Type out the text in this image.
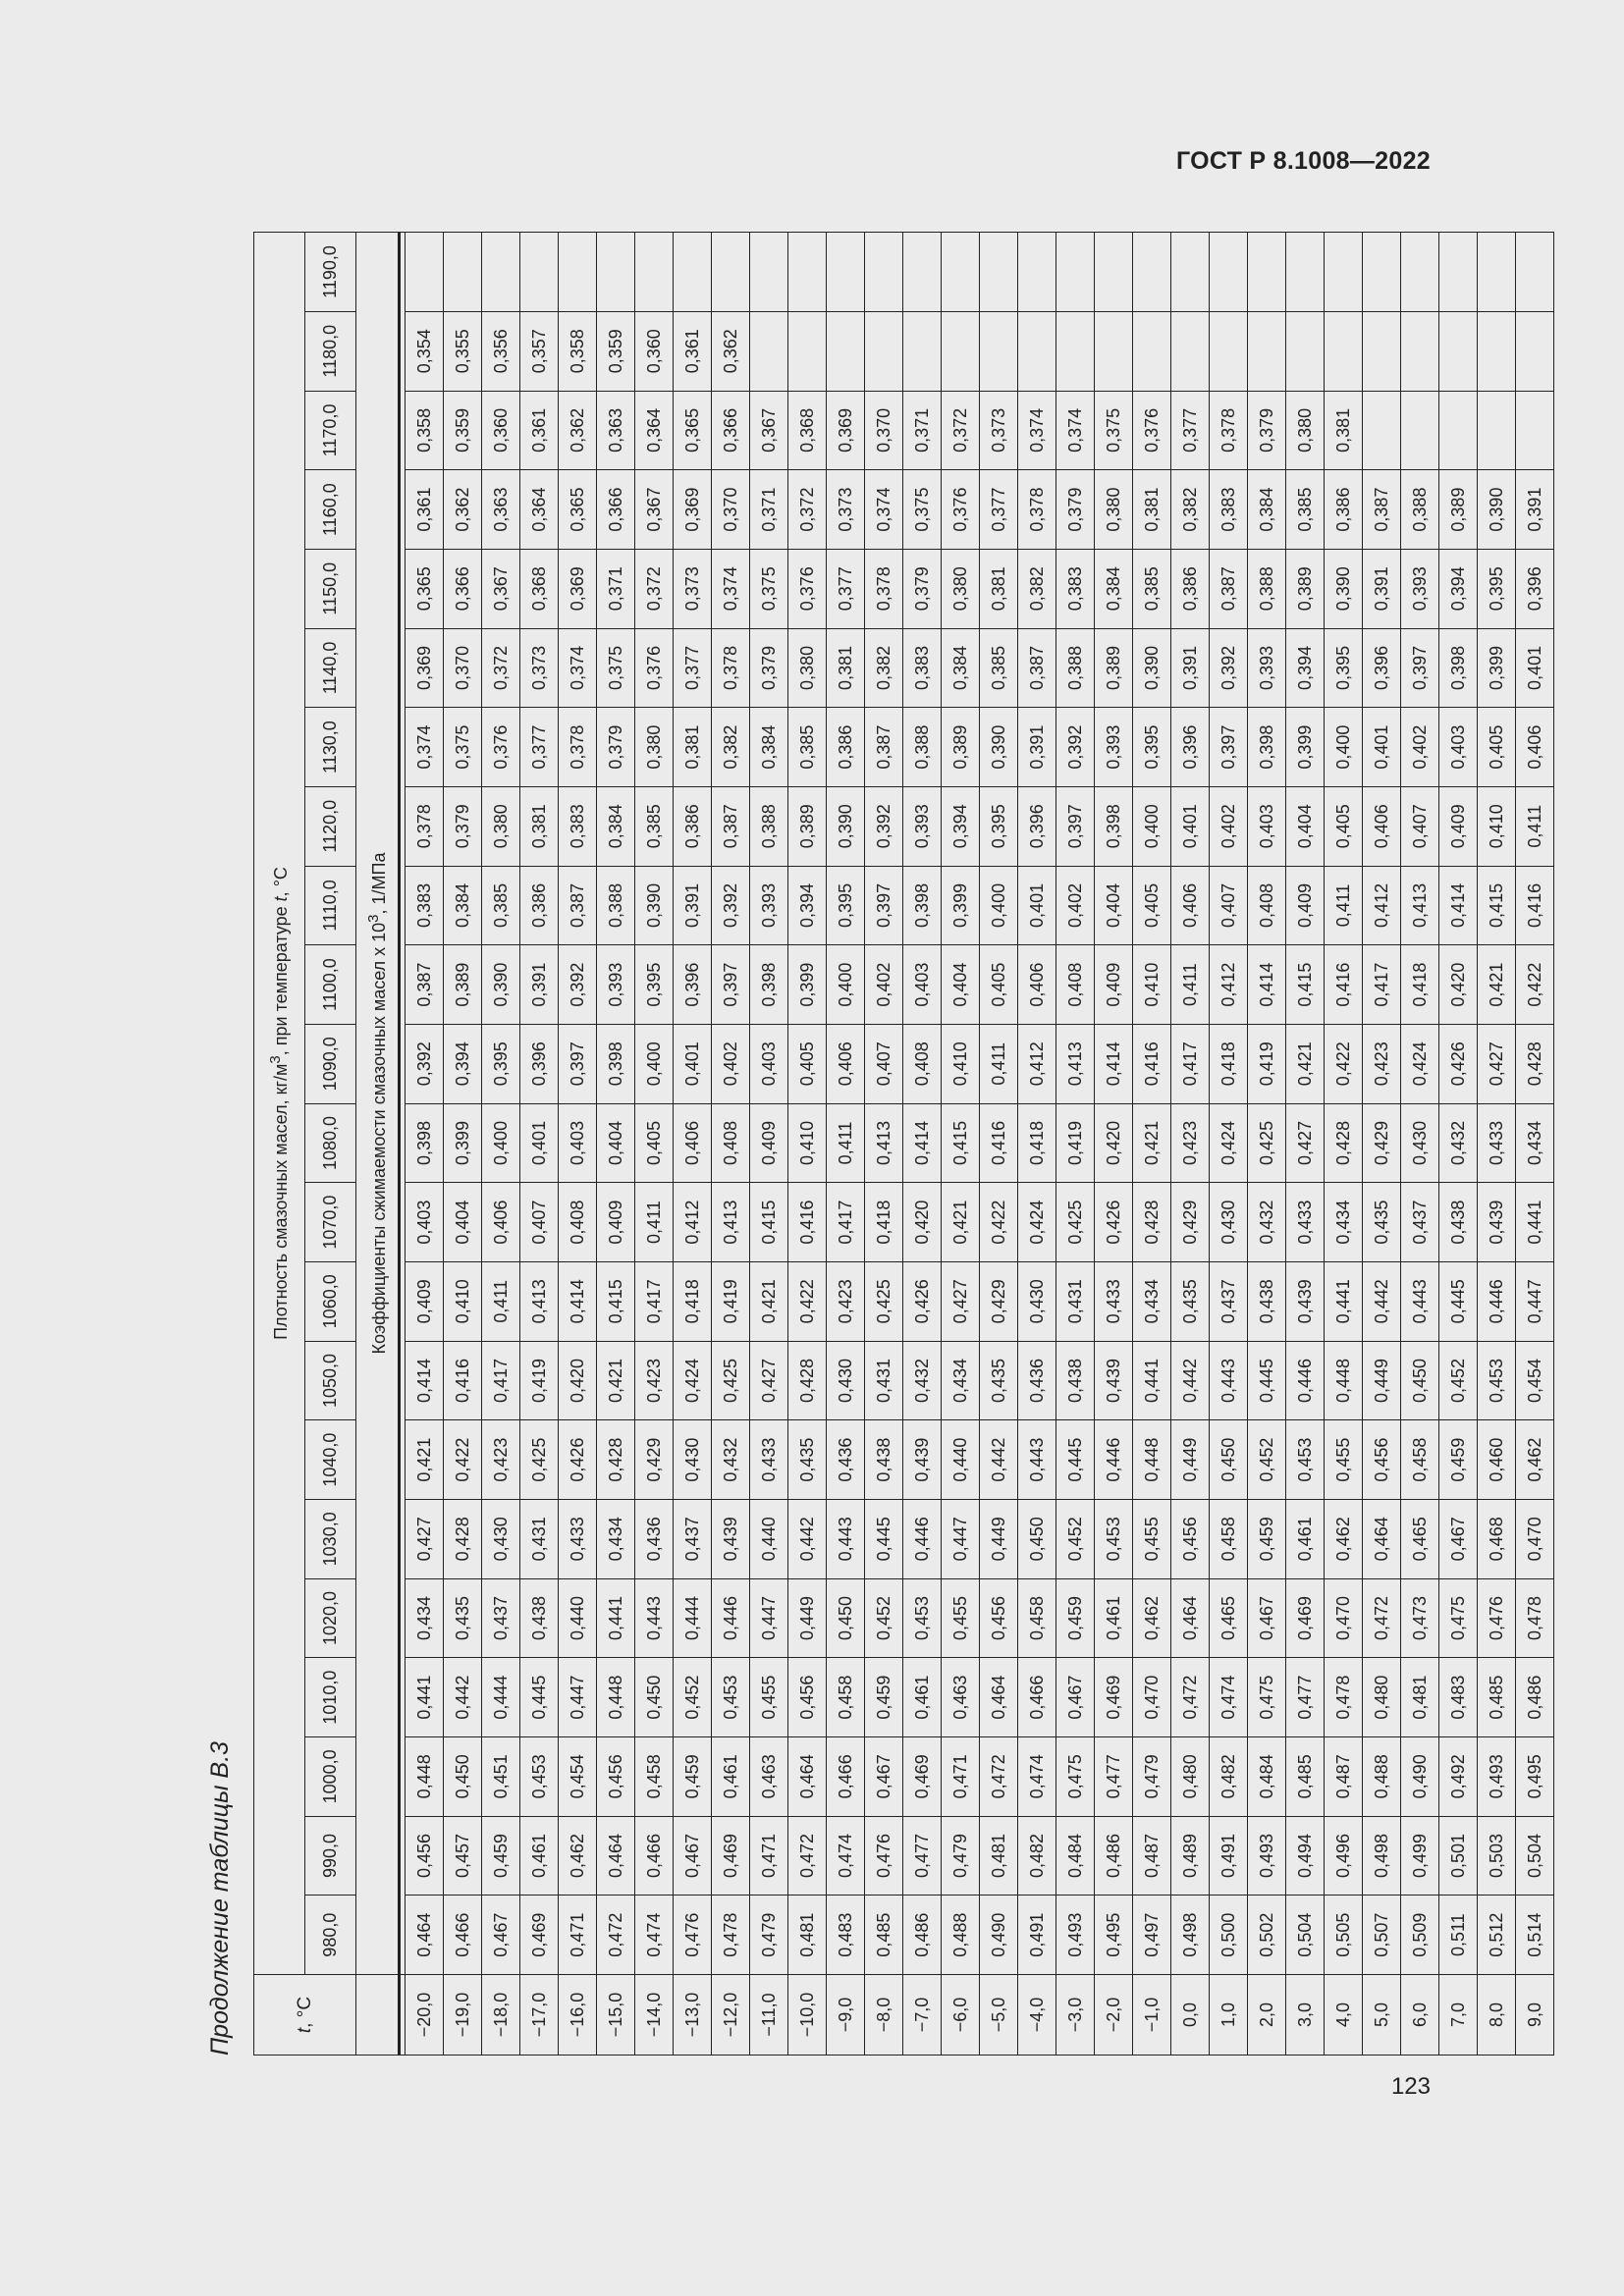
ГОСТ Р 8.1008—2022
Продолжение таблицы В.3	t, °C	Плотность смазочных масел, $кг/м^3$, при температуре t, °C																					
	980,0	990,0	1000,0	1010,0	1020,0	1030,0	1040,0	1050,0	1060,0	1070,0	1080,0	1090,0	1100,0	1110,0	1120,0	1130,0	1140,0	1150,0	1160,0	1170,0	1180,0	1190,0
	Коэффициенты сжимаемости смазочных масел x $10^3$, 1/МПа																					

−20,0	0,464	0,456	0,448	0,441	0,434	0,427	0,421	0,414	0,409	0,403	0,398	0,392	0,387	0,383	0,378	0,374	0,369	0,365	0,361	0,358	0,354	
−19,0	0,466	0,457	0,450	0,442	0,435	0,428	0,422	0,416	0,410	0,404	0,399	0,394	0,389	0,384	0,379	0,375	0,370	0,366	0,362	0,359	0,355	
−18,0	0,467	0,459	0,451	0,444	0,437	0,430	0,423	0,417	0,411	0,406	0,400	0,395	0,390	0,385	0,380	0,376	0,372	0,367	0,363	0,360	0,356	
−17,0	0,469	0,461	0,453	0,445	0,438	0,431	0,425	0,419	0,413	0,407	0,401	0,396	0,391	0,386	0,381	0,377	0,373	0,368	0,364	0,361	0,357	
−16,0	0,471	0,462	0,454	0,447	0,440	0,433	0,426	0,420	0,414	0,408	0,403	0,397	0,392	0,387	0,383	0,378	0,374	0,369	0,365	0,362	0,358	
−15,0	0,472	0,464	0,456	0,448	0,441	0,434	0,428	0,421	0,415	0,409	0,404	0,398	0,393	0,388	0,384	0,379	0,375	0,371	0,366	0,363	0,359	
−14,0	0,474	0,466	0,458	0,450	0,443	0,436	0,429	0,423	0,417	0,411	0,405	0,400	0,395	0,390	0,385	0,380	0,376	0,372	0,367	0,364	0,360	
−13,0	0,476	0,467	0,459	0,452	0,444	0,437	0,430	0,424	0,418	0,412	0,406	0,401	0,396	0,391	0,386	0,381	0,377	0,373	0,369	0,365	0,361	
−12,0	0,478	0,469	0,461	0,453	0,446	0,439	0,432	0,425	0,419	0,413	0,408	0,402	0,397	0,392	0,387	0,382	0,378	0,374	0,370	0,366	0,362	
−11,0	0,479	0,471	0,463	0,455	0,447	0,440	0,433	0,427	0,421	0,415	0,409	0,403	0,398	0,393	0,388	0,384	0,379	0,375	0,371	0,367		
−10,0	0,481	0,472	0,464	0,456	0,449	0,442	0,435	0,428	0,422	0,416	0,410	0,405	0,399	0,394	0,389	0,385	0,380	0,376	0,372	0,368		
−9,0	0,483	0,474	0,466	0,458	0,450	0,443	0,436	0,430	0,423	0,417	0,411	0,406	0,400	0,395	0,390	0,386	0,381	0,377	0,373	0,369		
−8,0	0,485	0,476	0,467	0,459	0,452	0,445	0,438	0,431	0,425	0,418	0,413	0,407	0,402	0,397	0,392	0,387	0,382	0,378	0,374	0,370		
−7,0	0,486	0,477	0,469	0,461	0,453	0,446	0,439	0,432	0,426	0,420	0,414	0,408	0,403	0,398	0,393	0,388	0,383	0,379	0,375	0,371		
−6,0	0,488	0,479	0,471	0,463	0,455	0,447	0,440	0,434	0,427	0,421	0,415	0,410	0,404	0,399	0,394	0,389	0,384	0,380	0,376	0,372		
−5,0	0,490	0,481	0,472	0,464	0,456	0,449	0,442	0,435	0,429	0,422	0,416	0,411	0,405	0,400	0,395	0,390	0,385	0,381	0,377	0,373		
−4,0	0,491	0,482	0,474	0,466	0,458	0,450	0,443	0,436	0,430	0,424	0,418	0,412	0,406	0,401	0,396	0,391	0,387	0,382	0,378	0,374		
−3,0	0,493	0,484	0,475	0,467	0,459	0,452	0,445	0,438	0,431	0,425	0,419	0,413	0,408	0,402	0,397	0,392	0,388	0,383	0,379	0,374		
−2,0	0,495	0,486	0,477	0,469	0,461	0,453	0,446	0,439	0,433	0,426	0,420	0,414	0,409	0,404	0,398	0,393	0,389	0,384	0,380	0,375		
−1,0	0,497	0,487	0,479	0,470	0,462	0,455	0,448	0,441	0,434	0,428	0,421	0,416	0,410	0,405	0,400	0,395	0,390	0,385	0,381	0,376		
0,0	0,498	0,489	0,480	0,472	0,464	0,456	0,449	0,442	0,435	0,429	0,423	0,417	0,411	0,406	0,401	0,396	0,391	0,386	0,382	0,377		
1,0	0,500	0,491	0,482	0,474	0,465	0,458	0,450	0,443	0,437	0,430	0,424	0,418	0,412	0,407	0,402	0,397	0,392	0,387	0,383	0,378		
2,0	0,502	0,493	0,484	0,475	0,467	0,459	0,452	0,445	0,438	0,432	0,425	0,419	0,414	0,408	0,403	0,398	0,393	0,388	0,384	0,379		
3,0	0,504	0,494	0,485	0,477	0,469	0,461	0,453	0,446	0,439	0,433	0,427	0,421	0,415	0,409	0,404	0,399	0,394	0,389	0,385	0,380		
4,0	0,505	0,496	0,487	0,478	0,470	0,462	0,455	0,448	0,441	0,434	0,428	0,422	0,416	0,411	0,405	0,400	0,395	0,390	0,386	0,381		
5,0	0,507	0,498	0,488	0,480	0,472	0,464	0,456	0,449	0,442	0,435	0,429	0,423	0,417	0,412	0,406	0,401	0,396	0,391	0,387			
6,0	0,509	0,499	0,490	0,481	0,473	0,465	0,458	0,450	0,443	0,437	0,430	0,424	0,418	0,413	0,407	0,402	0,397	0,393	0,388			
7,0	0,511	0,501	0,492	0,483	0,475	0,467	0,459	0,452	0,445	0,438	0,432	0,426	0,420	0,414	0,409	0,403	0,398	0,394	0,389			
8,0	0,512	0,503	0,493	0,485	0,476	0,468	0,460	0,453	0,446	0,439	0,433	0,427	0,421	0,415	0,410	0,405	0,399	0,395	0,390			
9,0	0,514	0,504	0,495	0,486	0,478	0,470	0,462	0,454	0,447	0,441	0,434	0,428	0,422	0,416	0,411	0,406	0,401	0,396	0,391			
123
